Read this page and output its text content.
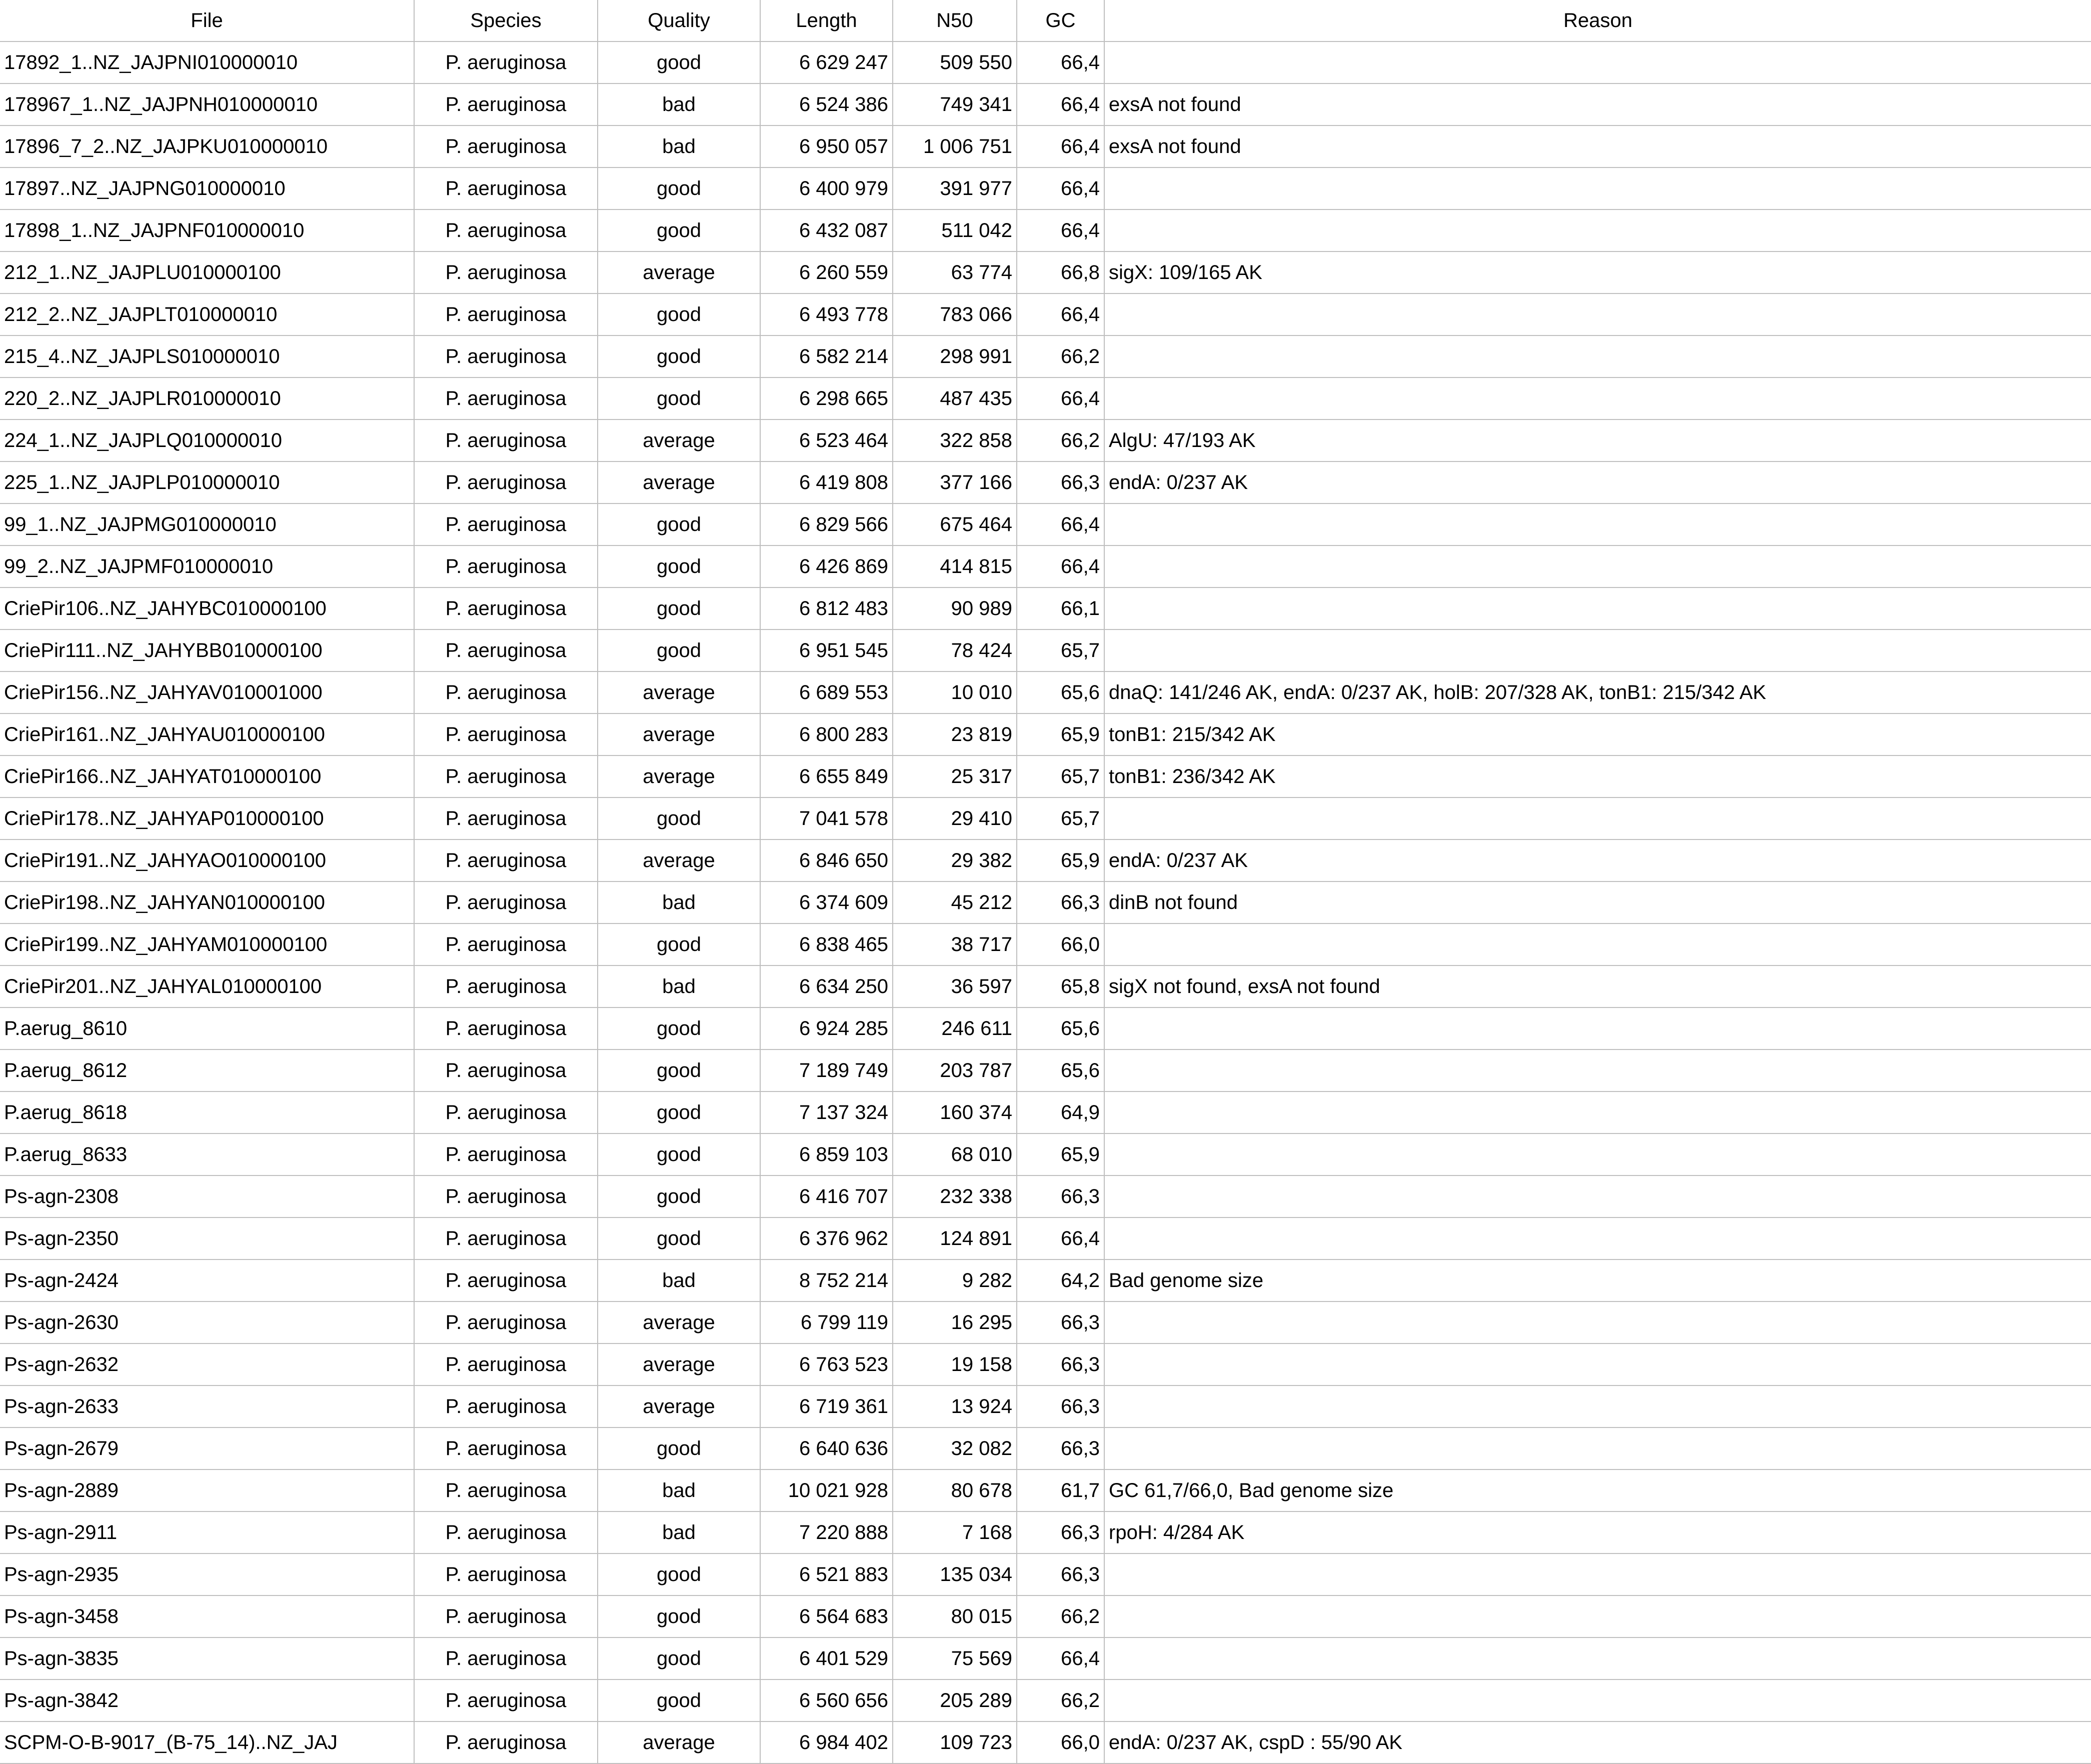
File	Species	Quality	Length	N50	GC	Reason
17892_1..NZ_JAJPNI010000010	P. aeruginosa	good	6 629 247	509 550	66,4	
178967_1..NZ_JAJPNH010000010	P. aeruginosa	bad	6 524 386	749 341	66,4	exsA not found
17896_7_2..NZ_JAJPKU010000010	P. aeruginosa	bad	6 950 057	1 006 751	66,4	exsA not found
17897..NZ_JAJPNG010000010	P. aeruginosa	good	6 400 979	391 977	66,4	
17898_1..NZ_JAJPNF010000010	P. aeruginosa	good	6 432 087	511 042	66,4	
212_1..NZ_JAJPLU010000100	P. aeruginosa	average	6 260 559	63 774	66,8	sigX: 109/165 AK
212_2..NZ_JAJPLT010000010	P. aeruginosa	good	6 493 778	783 066	66,4	
215_4..NZ_JAJPLS010000010	P. aeruginosa	good	6 582 214	298 991	66,2	
220_2..NZ_JAJPLR010000010	P. aeruginosa	good	6 298 665	487 435	66,4	
224_1..NZ_JAJPLQ010000010	P. aeruginosa	average	6 523 464	322 858	66,2	AlgU: 47/193 AK
225_1..NZ_JAJPLP010000010	P. aeruginosa	average	6 419 808	377 166	66,3	endA: 0/237 AK
99_1..NZ_JAJPMG010000010	P. aeruginosa	good	6 829 566	675 464	66,4	
99_2..NZ_JAJPMF010000010	P. aeruginosa	good	6 426 869	414 815	66,4	
CriePir106..NZ_JAHYBC010000100	P. aeruginosa	good	6 812 483	90 989	66,1	
CriePir111..NZ_JAHYBB010000100	P. aeruginosa	good	6 951 545	78 424	65,7	
CriePir156..NZ_JAHYAV010001000	P. aeruginosa	average	6 689 553	10 010	65,6	dnaQ: 141/246 AK, endA: 0/237 AK, holB: 207/328 AK, tonB1: 215/342 AK
CriePir161..NZ_JAHYAU010000100	P. aeruginosa	average	6 800 283	23 819	65,9	tonB1: 215/342 AK
CriePir166..NZ_JAHYAT010000100	P. aeruginosa	average	6 655 849	25 317	65,7	tonB1: 236/342 AK
CriePir178..NZ_JAHYAP010000100	P. aeruginosa	good	7 041 578	29 410	65,7	
CriePir191..NZ_JAHYAO010000100	P. aeruginosa	average	6 846 650	29 382	65,9	endA: 0/237 AK
CriePir198..NZ_JAHYAN010000100	P. aeruginosa	bad	6 374 609	45 212	66,3	dinB not found
CriePir199..NZ_JAHYAM010000100	P. aeruginosa	good	6 838 465	38 717	66,0	
CriePir201..NZ_JAHYAL010000100	P. aeruginosa	bad	6 634 250	36 597	65,8	sigX not found, exsA not found
P.aerug_8610	P. aeruginosa	good	6 924 285	246 611	65,6	
P.aerug_8612	P. aeruginosa	good	7 189 749	203 787	65,6	
P.aerug_8618	P. aeruginosa	good	7 137 324	160 374	64,9	
P.aerug_8633	P. aeruginosa	good	6 859 103	68 010	65,9	
Ps-agn-2308	P. aeruginosa	good	6 416 707	232 338	66,3	
Ps-agn-2350	P. aeruginosa	good	6 376 962	124 891	66,4	
Ps-agn-2424	P. aeruginosa	bad	8 752 214	9 282	64,2	Bad genome size
Ps-agn-2630	P. aeruginosa	average	6 799 119	16 295	66,3	
Ps-agn-2632	P. aeruginosa	average	6 763 523	19 158	66,3	
Ps-agn-2633	P. aeruginosa	average	6 719 361	13 924	66,3	
Ps-agn-2679	P. aeruginosa	good	6 640 636	32 082	66,3	
Ps-agn-2889	P. aeruginosa	bad	10 021 928	80 678	61,7	GC 61,7/66,0, Bad genome size
Ps-agn-2911	P. aeruginosa	bad	7 220 888	7 168	66,3	rpoH: 4/284 AK
Ps-agn-2935	P. aeruginosa	good	6 521 883	135 034	66,3	
Ps-agn-3458	P. aeruginosa	good	6 564 683	80 015	66,2	
Ps-agn-3835	P. aeruginosa	good	6 401 529	75 569	66,4	
Ps-agn-3842	P. aeruginosa	good	6 560 656	205 289	66,2	
SCPM-O-B-9017_(B-75_14)..NZ_JAJ	P. aeruginosa	average	6 984 402	109 723	66,0	endA: 0/237 AK, cspD : 55/90 AK
